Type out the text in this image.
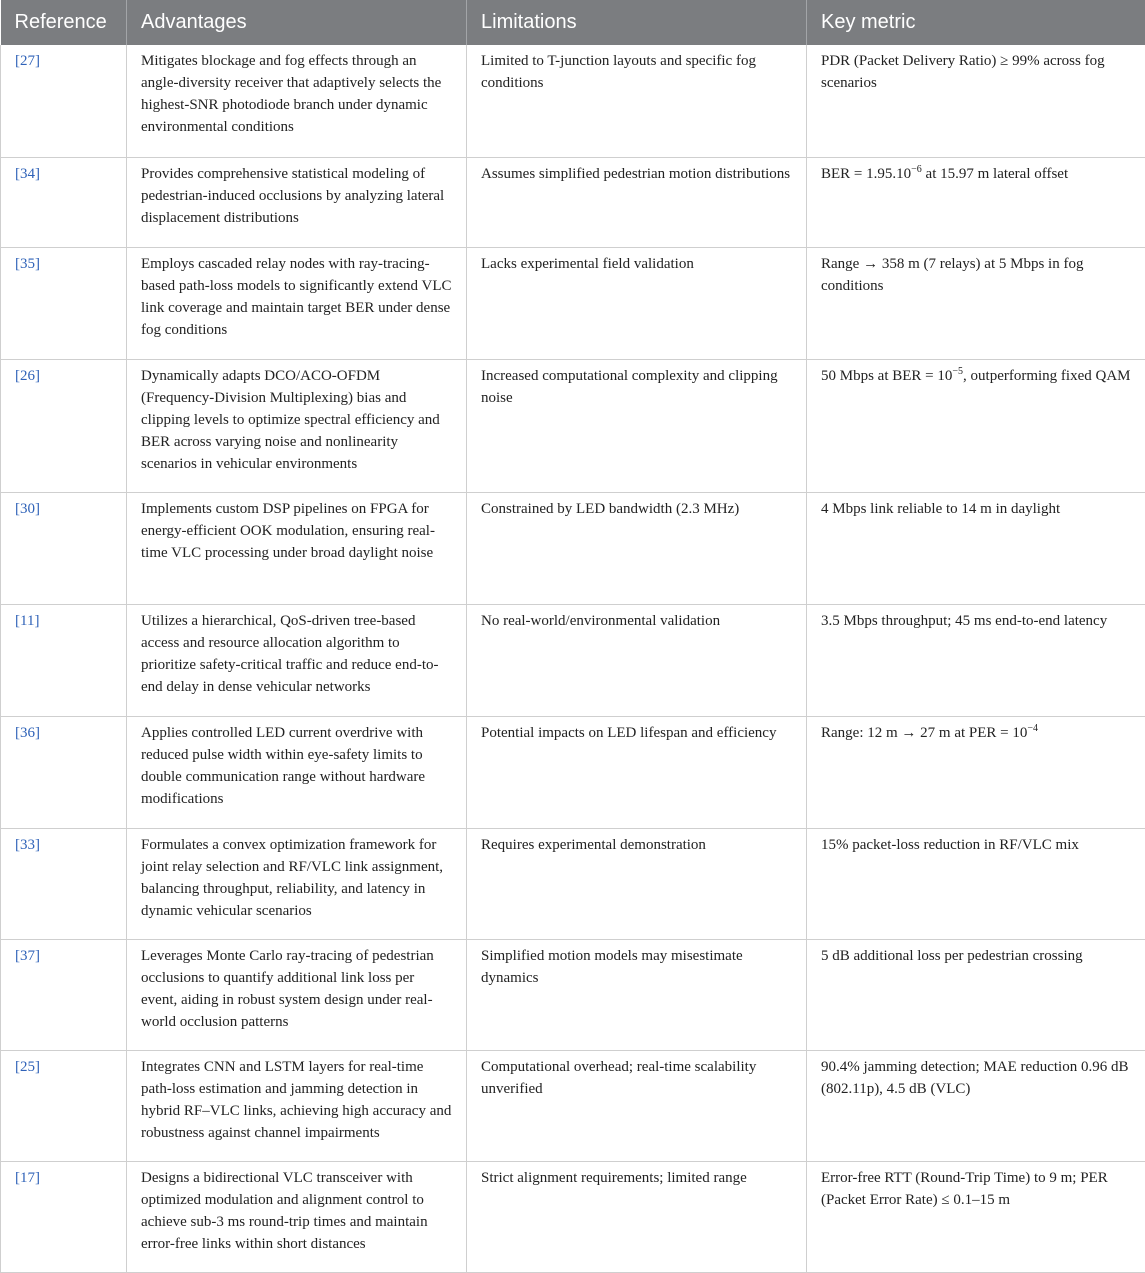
Reference	Advantages	Limitations	Key metric
[27]	Mitigates blockage and fog effects through an angle-diversity receiver that adaptively selects the highest-SNR photodiode branch under dynamic environmental conditions	Limited to T-junction layouts and specific fog conditions	PDR (Packet Delivery Ratio) ≥ 99% across fog scenarios
[34]	Provides comprehensive statistical modeling of pedestrian-induced occlusions by analyzing lateral displacement distributions	Assumes simplified pedestrian motion distributions	BER = $1.95.10^{-6}$ at 15.97 m lateral offset
[35]	Employs cascaded relay nodes with ray-tracing-based path-loss models to significantly extend VLC link coverage and maintain target BER under dense fog conditions	Lacks experimental field validation	Range → 358 m (7 relays) at 5 Mbps in fog conditions
[26]	Dynamically adapts DCO/ACO-OFDM (Frequency-Division Multiplexing) bias and clipping levels to optimize spectral efficiency and BER across varying noise and nonlinearity scenarios in vehicular environments	Increased computational complexity and clipping noise	50 Mbps at BER = $10^{-5}$, outperforming fixed QAM
[30]	Implements custom DSP pipelines on FPGA for energy-efficient OOK modulation, ensuring real-time VLC processing under broad daylight noise	Constrained by LED bandwidth (2.3 MHz)	4 Mbps link reliable to 14 m in daylight
[11]	Utilizes a hierarchical, QoS-driven tree-based access and resource allocation algorithm to prioritize safety-critical traffic and reduce end-to-end delay in dense vehicular networks	No real-world/environmental validation	3.5 Mbps throughput; 45 ms end-to-end latency
[36]	Applies controlled LED current overdrive with reduced pulse width within eye-safety limits to double communication range without hardware modifications	Potential impacts on LED lifespan and efficiency	Range: 12 m → 27 m at PER = $10^{-4}$
[33]	Formulates a convex optimization framework for joint relay selection and RF/VLC link assignment, balancing throughput, reliability, and latency in dynamic vehicular scenarios	Requires experimental demonstration	15% packet-loss reduction in RF/VLC mix
[37]	Leverages Monte Carlo ray-tracing of pedestrian occlusions to quantify additional link loss per event, aiding in robust system design under real-world occlusion patterns	Simplified motion models may misestimate dynamics	5 dB additional loss per pedestrian crossing
[25]	Integrates CNN and LSTM layers for real-time path-loss estimation and jamming detection in hybrid RF–VLC links, achieving high accuracy and robustness against channel impairments	Computational overhead; real-time scalability unverified	90.4% jamming detection; MAE reduction 0.96 dB (802.11p), 4.5 dB (VLC)
[17]	Designs a bidirectional VLC transceiver with optimized modulation and alignment control to achieve sub-3 ms round-trip times and maintain error-free links within short distances	Strict alignment requirements; limited range	Error-free RTT (Round-Trip Time) to 9 m; PER (Packet Error Rate) ≤ 0.1–15 m
